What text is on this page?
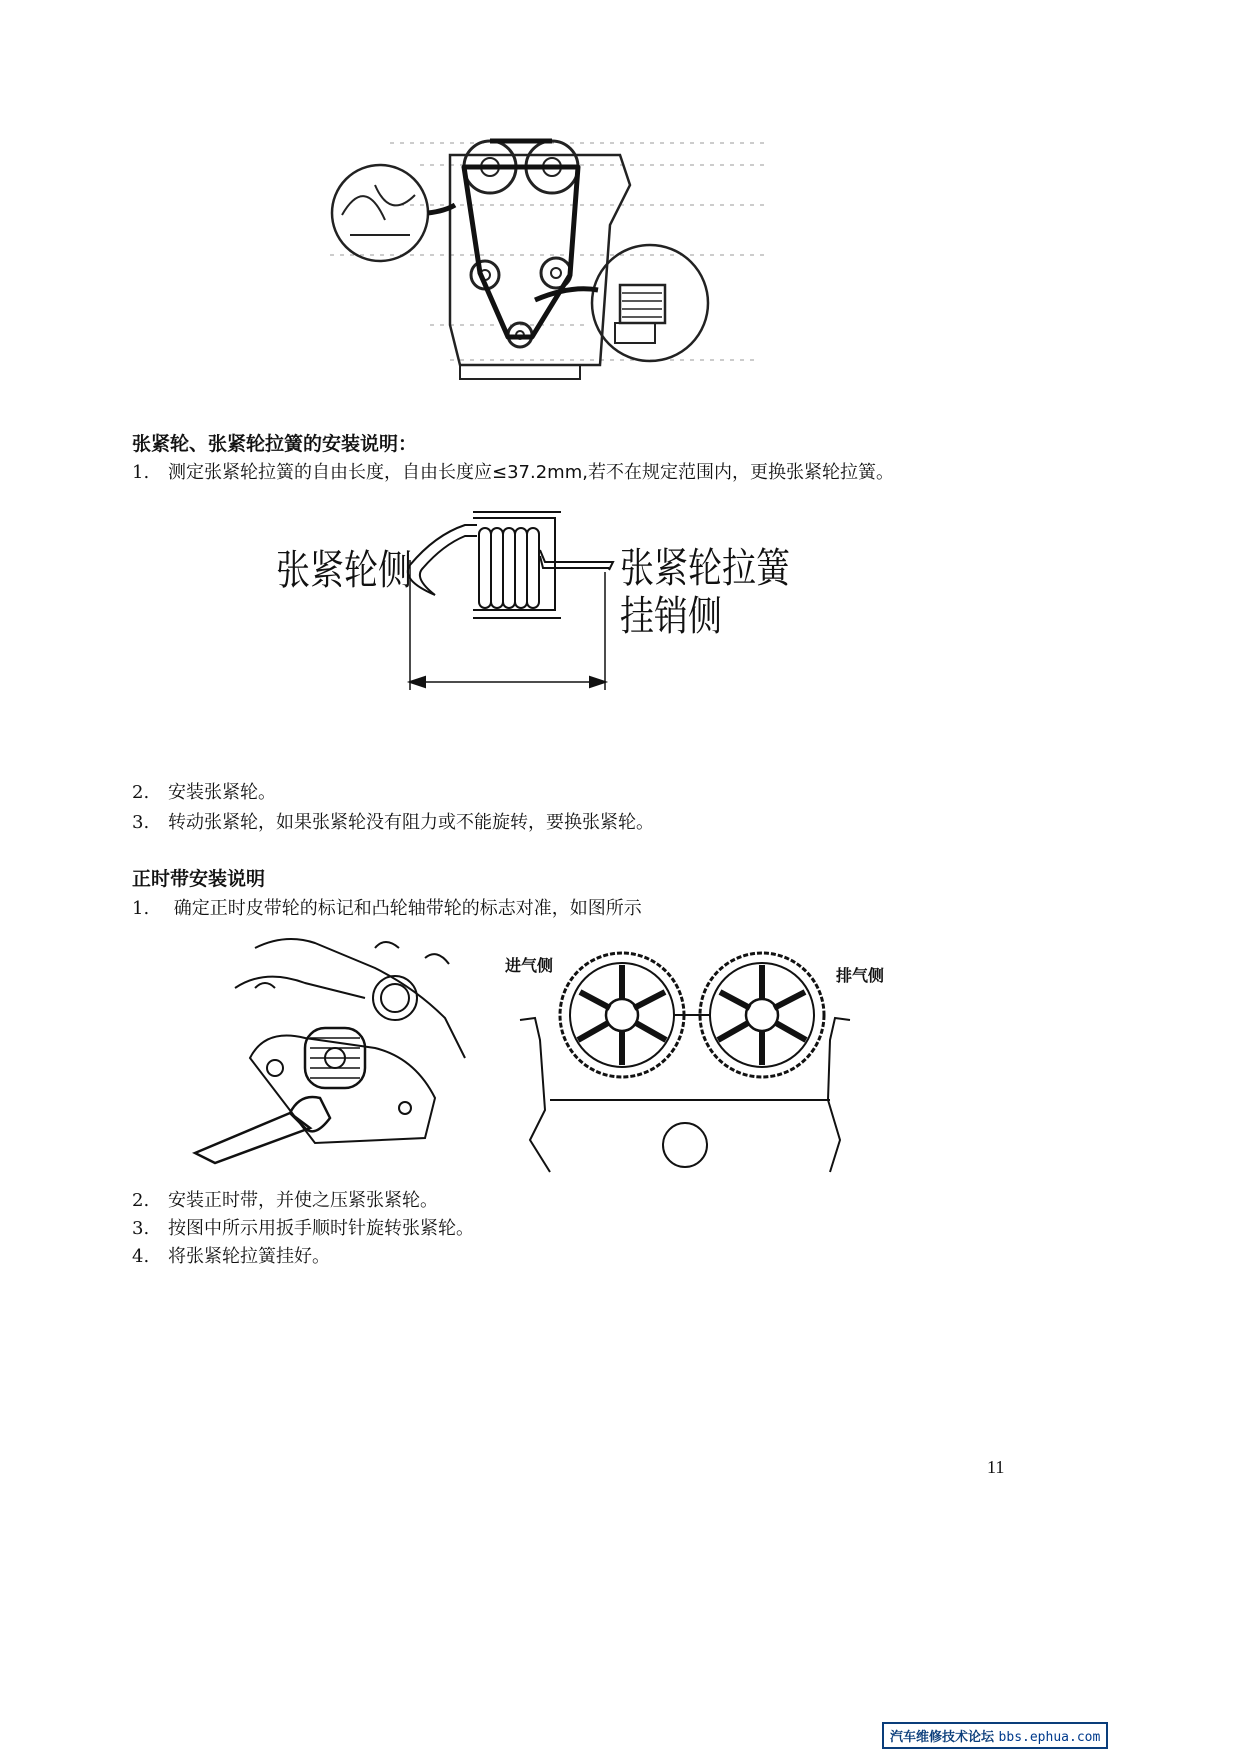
张紧轮、张紧轮拉簧的安装说明：
1. 测定张紧轮拉簧的自由长度，自由长度应≤37.2mm,若不在规定范围内，更换张紧轮拉簧。
张紧轮侧	张紧轮拉簧
挂销侧
2. 安装张紧轮。
3. 转动张紧轮，如果张紧轮没有阻力或不能旋转，要换张紧轮。
正时带安装说明
1. 确定正时皮带轮的标记和凸轮轴带轮的标志对准，如图所示
进气侧
排气侧
2. 安装正时带，并使之压紧张紧轮。
3. 按图中所示用扳手顺时针旋转张紧轮。
4. 将张紧轮拉簧挂好。
11
汽车维修技术论坛 bbs.ephua.com
